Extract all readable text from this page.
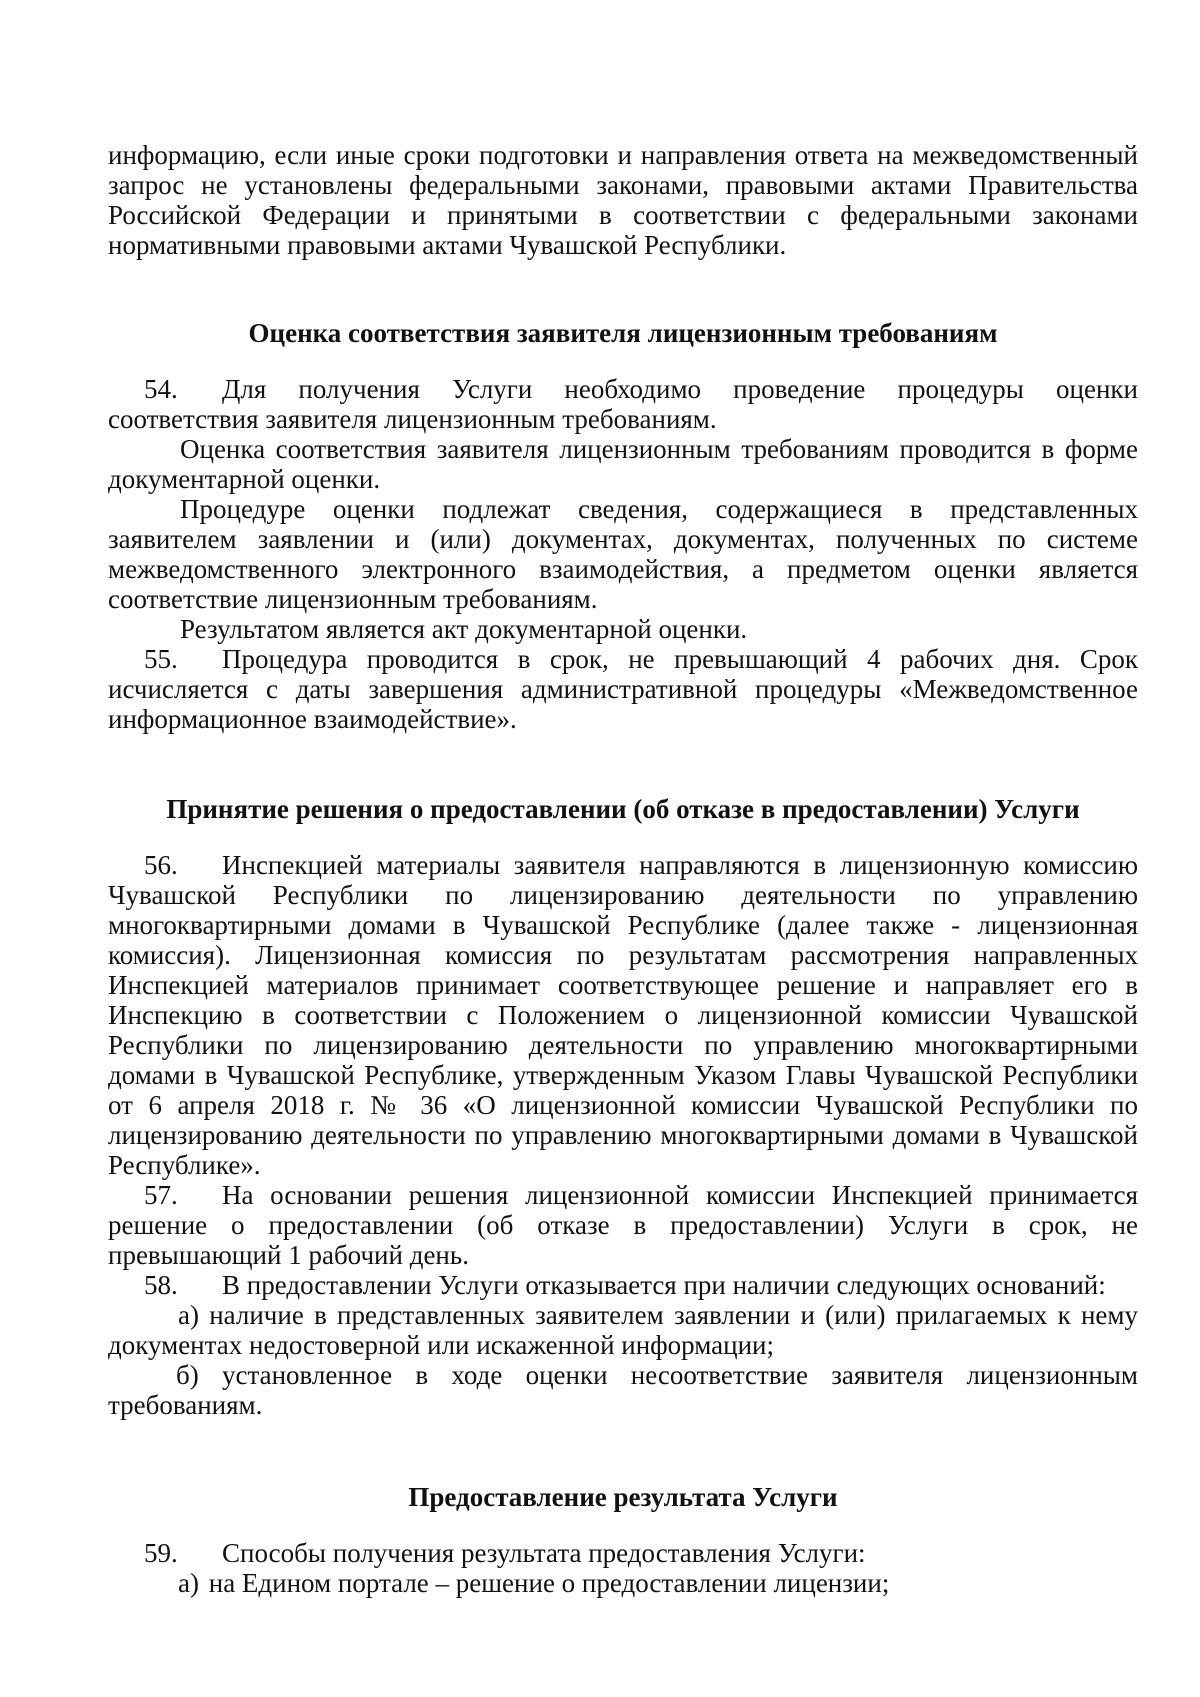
информацию, если иные сроки подготовки и направления ответа на межведомственный запрос не установлены федеральными законами, правовыми актами Правительства Российской Федерации и принятыми в соответствии с федеральными законами нормативными правовыми актами Чувашской Республики.

Оценка соответствия заявителя лицензионным требованиям

54. Для получения Услуги необходимо проведение процедуры оценки соответствия заявителя лицензионным требованиям.

Оценка соответствия заявителя лицензионным требованиям проводится в форме документарной оценки.

Процедуре оценки подлежат сведения, содержащиеся в представленных заявителем заявлении и (или) документах, документах, полученных по системе межведомственного электронного взаимодействия, а предметом оценки является соответствие лицензионным требованиям.

Результатом является акт документарной оценки.

55. Процедура проводится в срок, не превышающий 4 рабочих дня. Срок исчисляется с даты завершения административной процедуры «Межведомственное информационное взаимодействие».

Принятие решения о предоставлении (об отказе в предоставлении) Услуги

56. Инспекцией материалы заявителя направляются в лицензионную комиссию Чувашской Республики по лицензированию деятельности по управлению многоквартирными домами в Чувашской Республике (далее также - лицензионная комиссия). Лицензионная комиссия по результатам рассмотрения направленных Инспекцией материалов принимает соответствующее решение и направляет его в Инспекцию в соответствии с Положением о лицензионной комиссии Чувашской Республики по лицензированию деятельности по управлению многоквартирными домами в Чувашской Республике, утвержденным Указом Главы Чувашской Республики от 6 апреля 2018 г. № 36 «О лицензионной комиссии Чувашской Республики по лицензированию деятельности по управлению многоквартирными домами в Чувашской Республике».

57. На основании решения лицензионной комиссии Инспекцией принимается решение о предоставлении (об отказе в предоставлении) Услуги в срок, не превышающий 1 рабочий день.

58. В предоставлении Услуги отказывается при наличии следующих оснований:

а) наличие в представленных заявителем заявлении и (или) прилагаемых к нему документах недостоверной или искаженной информации;

б) установленное в ходе оценки несоответствие заявителя лицензионным требованиям.

Предоставление результата Услуги

59. Способы получения результата предоставления Услуги:

а) на Едином портале – решение о предоставлении лицензии;
